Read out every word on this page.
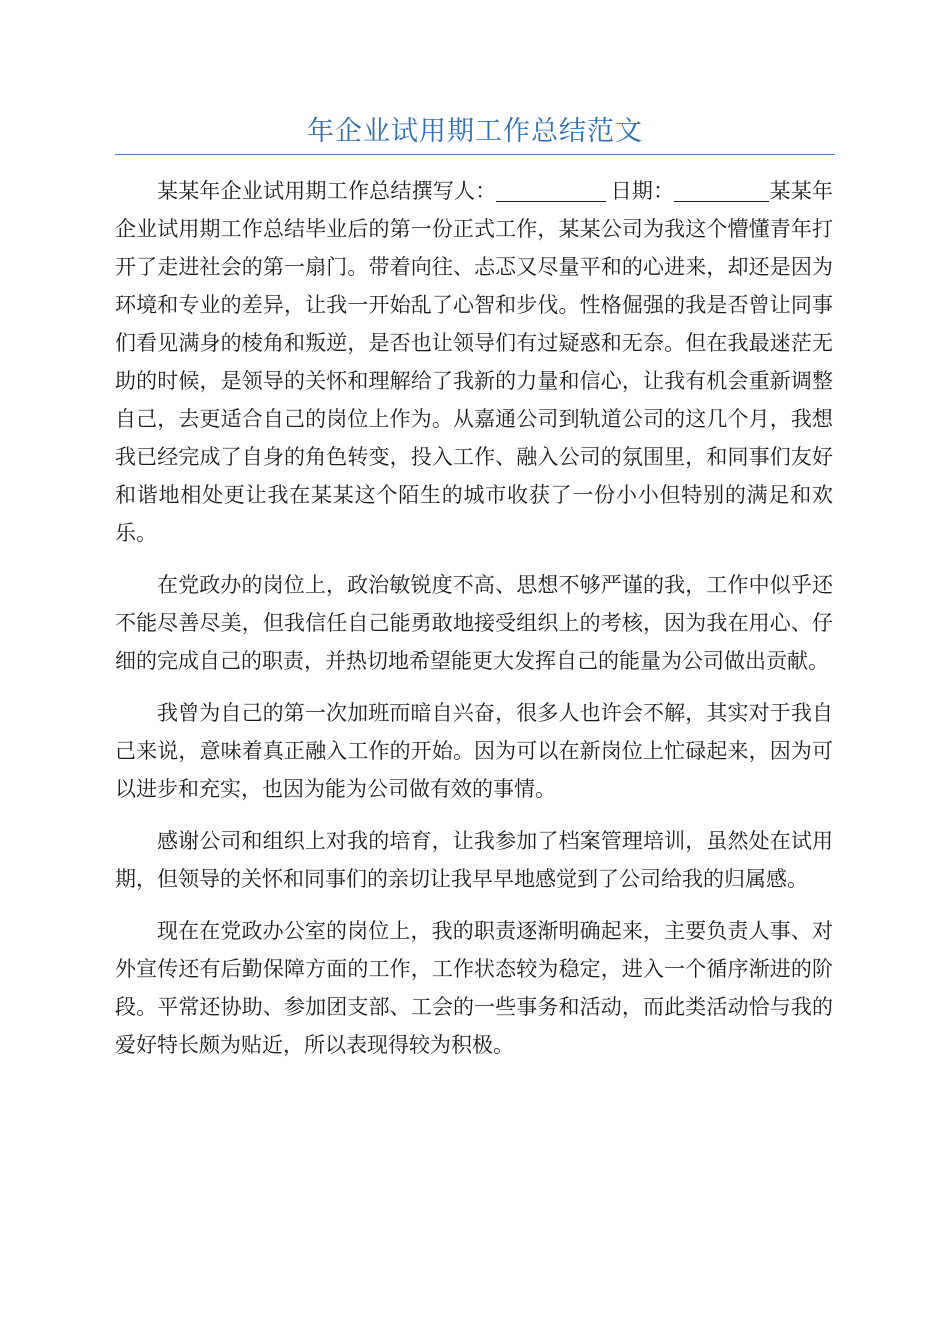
年企业试用期工作总结范文

某某年企业试用期工作总结撰写人：	日期：	某某年企业试用期工作总结毕业后的第一份正式工作，某某公司为我这个懵懂青年打开了走进社会的第一扇门。带着向往、忐忑又尽量平和的心进来，却还是因为环境和专业的差异，让我一开始乱了心智和步伐。性格倔强的我是否曾让同事们看见满身的棱角和叛逆，是否也让领导们有过疑惑和无奈。但在我最迷茫无助的时候，是领导的关怀和理解给了我新的力量和信心，让我有机会重新调整自己，去更适合自己的岗位上作为。从嘉通公司到轨道公司的这几个月，我想我已经完成了自身的角色转变，投入工作、融入公司的氛围里，和同事们友好和谐地相处更让我在某某这个陌生的城市收获了一份小小但特别的满足和欢乐。

在党政办的岗位上，政治敏锐度不高、思想不够严谨的我，工作中似乎还不能尽善尽美，但我信任自己能勇敢地接受组织上的考核，因为我在用心、仔细的完成自己的职责，并热切地希望能更大发挥自己的能量为公司做出贡献。

我曾为自己的第一次加班而暗自兴奋，很多人也许会不解，其实对于我自己来说，意味着真正融入工作的开始。因为可以在新岗位上忙碌起来，因为可以进步和充实，也因为能为公司做有效的事情。

感谢公司和组织上对我的培育，让我参加了档案管理培训，虽然处在试用期，但领导的关怀和同事们的亲切让我早早地感觉到了公司给我的归属感。

现在在党政办公室的岗位上，我的职责逐渐明确起来，主要负责人事、对外宣传还有后勤保障方面的工作，工作状态较为稳定，进入一个循序渐进的阶段。平常还协助、参加团支部、工会的一些事务和活动，而此类活动恰与我的爱好特长颇为贴近，所以表现得较为积极。
